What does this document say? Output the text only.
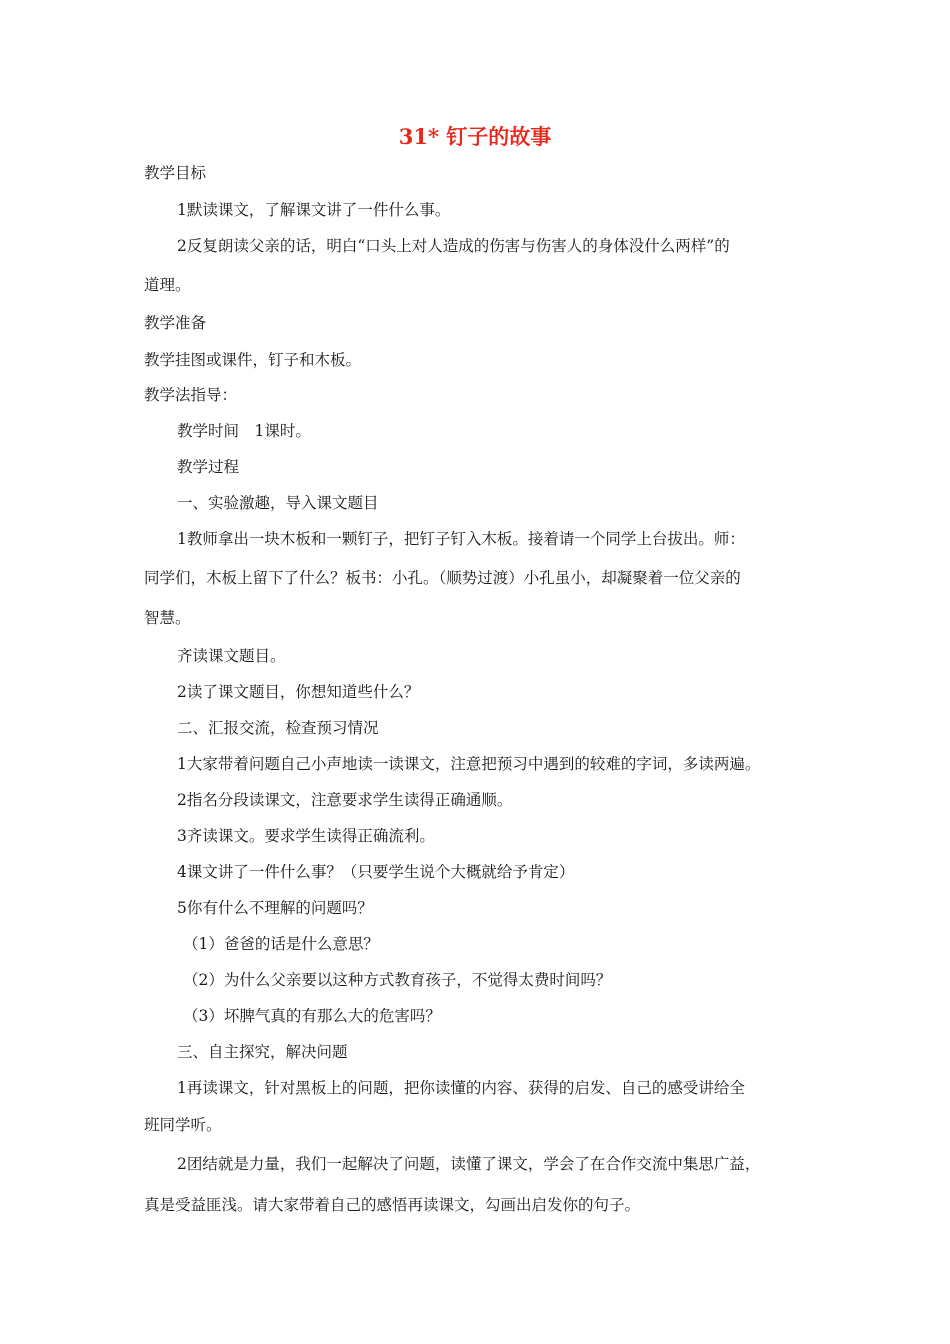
31* 钉子的故事
教学目标
1默读课文，了解课文讲了一件什么事。
2反复朗读父亲的话，明白“口头上对人造成的伤害与伤害人的身体没什么两样”的
道理。
教学准备
教学挂图或课件，钉子和木板。
教学法指导：
教学时间　1课时。
教学过程
一、实验激趣，导入课文题目
1教师拿出一块木板和一颗钉子，把钉子钉入木板。接着请一个同学上台拔出。师：
同学们，木板上留下了什么？板书：小孔。（顺势过渡）小孔虽小，却凝聚着一位父亲的
智慧。
齐读课文题目。
2读了课文题目，你想知道些什么？
二、汇报交流，检查预习情况
1大家带着问题自己小声地读一读课文，注意把预习中遇到的较难的字词，多读两遍。
2指名分段读课文，注意要求学生读得正确通顺。
3齐读课文。要求学生读得正确流利。
4课文讲了一件什么事？（只要学生说个大概就给予肯定）
5你有什么不理解的问题吗？
（1）爸爸的话是什么意思？
（2）为什么父亲要以这种方式教育孩子，不觉得太费时间吗？
（3）坏脾气真的有那么大的危害吗？
三、自主探究，解决问题
1再读课文，针对黑板上的问题，把你读懂的内容、获得的启发、自己的感受讲给全
班同学听。
2团结就是力量，我们一起解决了问题，读懂了课文，学会了在合作交流中集思广益，
真是受益匪浅。请大家带着自己的感悟再读课文，勾画出启发你的句子。
